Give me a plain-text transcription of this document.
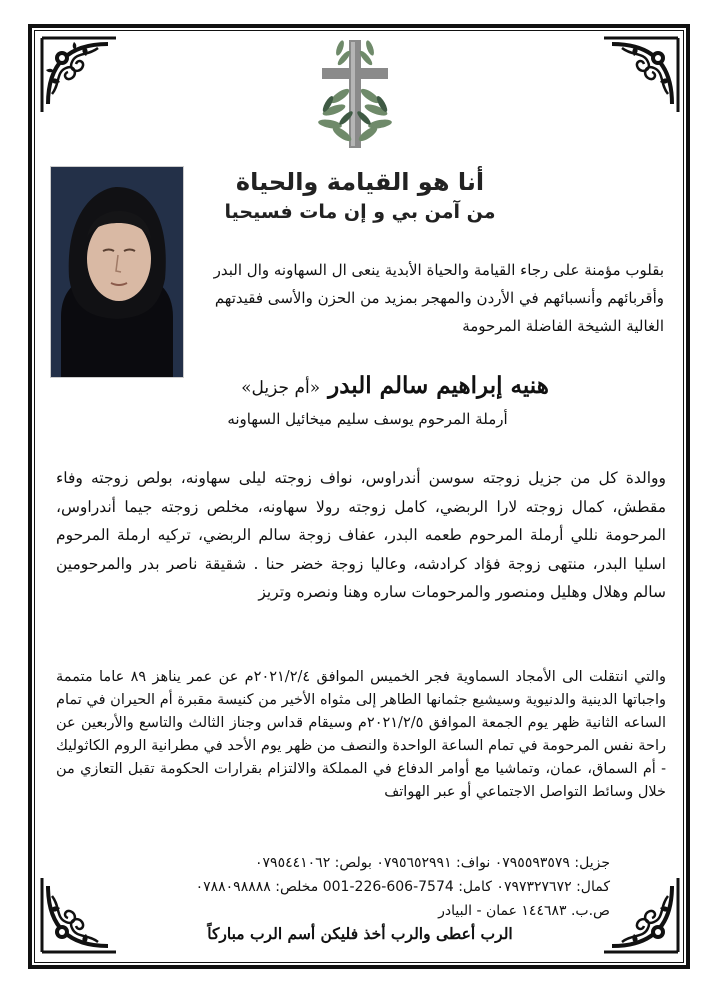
أنا هو القيامة والحياة
من آمن بي و إن مات فسيحيا
بقلوب مؤمنة على رجاء القيامة والحياة الأبدية ينعى ال السهاونه وال البدر وأقربائهم وأنسبائهم في الأردن والمهجر بمزيد من الحزن والأسى فقيدتهم الغالية الشيخة الفاضلة المرحومة
هنيه إبراهيم سالم البدر «أم جزيل»
أرملة المرحوم يوسف سليم ميخائيل السهاونه
ووالدة كل من جزيل زوجته سوسن أندراوس، نواف زوجته ليلى سهاونه، بولص زوجته وفاء مقطش، كمال زوجته لارا الربضي، كامل زوجته رولا سهاونه، مخلص زوجته جيما أندراوس، المرحومة نللي أرملة المرحوم طعمه البدر، عفاف زوجة سالم الربضي، تركيه ارملة المرحوم اسليا البدر، منتهى زوجة فؤاد كرادشه، وعاليا زوجة خضر حنا . شقيقة ناصر بدر والمرحومين سالم وهلال وهليل ومنصور والمرحومات ساره وهنا ونصره وتريز
والتي انتقلت الى الأمجاد السماوية فجر الخميس الموافق ٢٠٢١/٢/٤م عن عمر يناهز ٨٩ عاما متممة واجباتها الدينية والدنيوية وسيشيع جثمانها الطاهر إلى مثواه الأخير من كنيسة مقبرة أم الحيران في تمام الساعه الثانية ظهر يوم الجمعة الموافق ٢٠٢١/٢/٥م وسيقام قداس وجناز الثالث والتاسع والأربعين عن راحة نفس المرحومة في تمام الساعة الواحدة والنصف من ظهر يوم الأحد في مطرانية الروم الكاثوليك - أم السماق، عمان، وتماشيا مع أوامر الدفاع في المملكة والالتزام بقرارات الحكومة تقبل التعازي من خلال وسائط التواصل الاجتماعي أو عبر الهواتف
جزيل: ٠٧٩٥٥٩٣٥٧٩ نواف: ٠٧٩٥٦٥٢٩٩١ بولص: ٠٧٩٥٤٤١٠٦٢
كمال: ٠٧٩٧٣٢٧٦٧٢ كامل: 7574-606-226-001 مخلص: ٠٧٨٨٠٩٨٨٨٨
ص.ب. ١٤٤٦٨٣ عمان - البيادر
الرب أعطى والرب أخذ فليكن أسم الرب مباركاً
